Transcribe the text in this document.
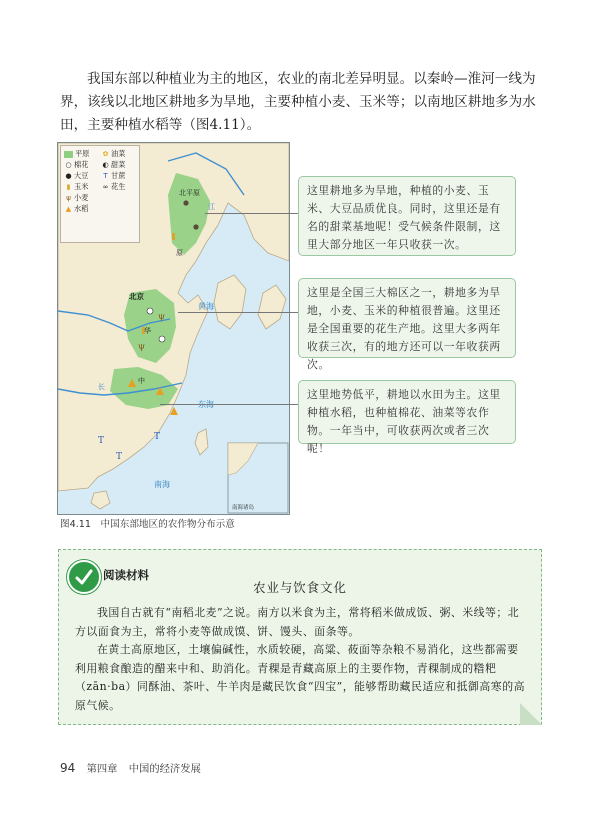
我国东部以种植业为主的地区，农业的南北差异明显。以秦岭—淮河一线为界，该线以北地区耕地多为旱地，主要种植小麦、玉米等；以南地区耕地多为水田，主要种植水稻等（图4.11）。

T
T
T
ψ
ψ
北京
北平原
黄海
南海
江
原
华
中
长
南海诸岛
平原 ✿ 油菜
○ 棉花 ◐ 甜菜
● 大豆	T 甘蔗
▮ 玉米 ∞ 花生
ψ 小麦
▲ 水稻
这里耕地多为旱地，种植的小麦、玉米、大豆品质优良。同时，这里还是有名的甜菜基地呢！受气候条件限制，这里大部分地区一年只收获一次。
这里是全国三大棉区之一，耕地多为旱地，小麦、玉米的种植很普遍。这里还是全国重要的花生产地。这里大多两年收获三次，有的地方还可以一年收获两次。
这里地势低平，耕地以水田为主。这里种植水稻，也种植棉花、油菜等农作物。一年当中，可收获两次或者三次呢！
图4.11　中国东部地区的农作物分布示意
阅读材料
农业与饮食文化

我国自古就有“南稻北麦”之说。南方以米食为主，常将稻米做成饭、粥、米线等；北方以面食为主，常将小麦等做成馍、饼、馒头、面条等。

在黄土高原地区，土壤偏碱性，水质较硬，高粱、莜面等杂粮不易消化，这些都需要利用粮食酿造的醋来中和、助消化。青稞是青藏高原上的主要作物，青稞制成的糌粑（zān·ba）同酥油、茶叶、牛羊肉是藏民饮食“四宝”，能够帮助藏民适应和抵御高寒的高原气候。

94 第四章 中国的经济发展
